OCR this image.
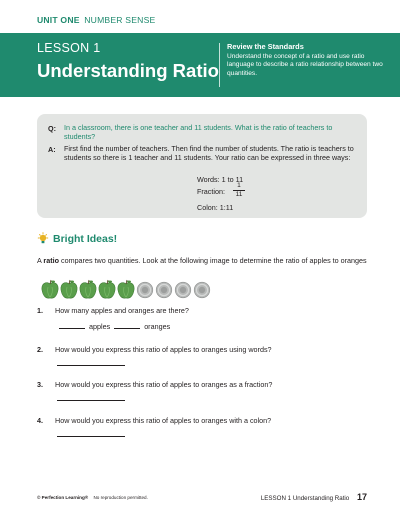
UNIT ONE NUMBER SENSE
LESSON 1
Understanding Ratio
Review the Standards
Understand the concept of a ratio and use ratio language to describe a ratio relationship between two quantities.
Q: In a classroom, there is one teacher and 11 students. What is the ratio of teachers to students?
A: First find the number of teachers. Then find the number of students. The ratio is teachers to students so there is 1 teacher and 11 students. Your ratio can be expressed in three ways:
Words: 1 to 11
Fraction: $\frac{1}{11}$
Colon: 1:11
Bright Ideas!
A ratio compares two quantities. Look at the following image to determine the ratio of apples to oranges
1. How many apples and oranges are there?
apples	oranges
2. How would you express this ratio of apples to oranges using words?
3. How would you express this ratio of apples to oranges as a fraction?
4. How would you express this ratio of apples to oranges with a colon?
© Perfection Learning® No reproduction permitted.	LESSON 1 Understanding Ratio 17
